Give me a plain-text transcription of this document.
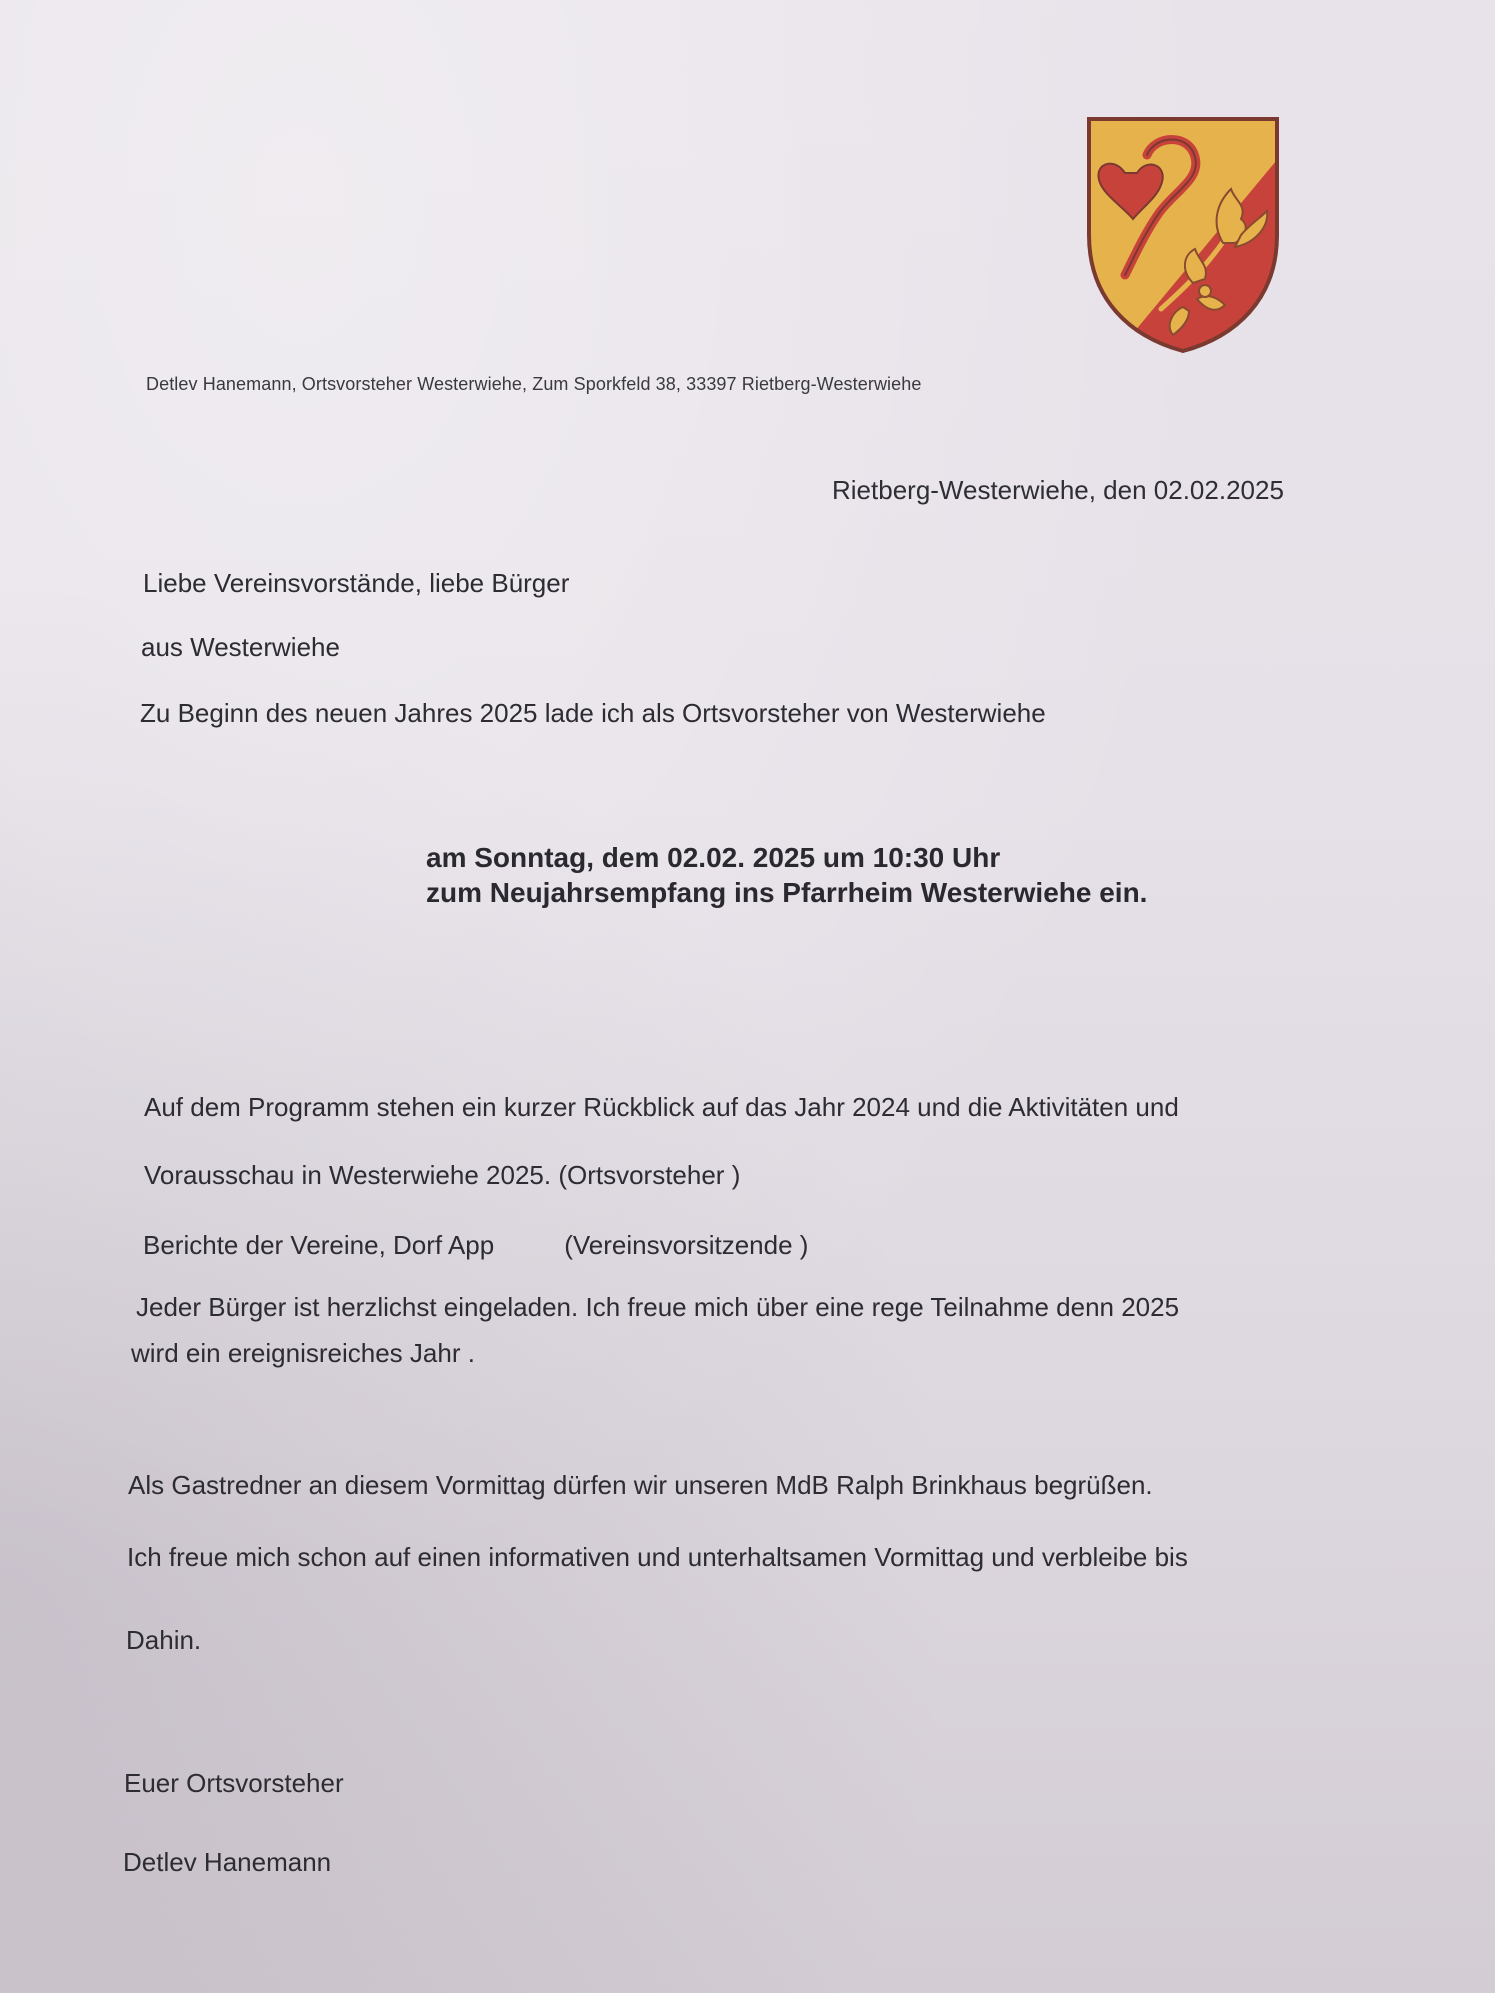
Detlev Hanemann, Ortsvorsteher Westerwiehe, Zum Sporkfeld 38, 33397 Rietberg-Westerwiehe
Rietberg-Westerwiehe, den 02.02.2025
Liebe Vereinsvorstände, liebe Bürger
aus Westerwiehe
Zu Beginn des neuen Jahres 2025 lade ich als Ortsvorsteher von Westerwiehe
am Sonntag, dem 02.02. 2025 um 10:30 Uhr
zum Neujahrsempfang ins Pfarrheim Westerwiehe ein.
Auf dem Programm stehen ein kurzer Rückblick auf das Jahr 2024 und die Aktivitäten und
Vorausschau in Westerwiehe 2025. (Ortsvorsteher )
Berichte der Vereine, Dorf App	(Vereinsvorsitzende )
Jeder Bürger ist herzlichst eingeladen. Ich freue mich über eine rege Teilnahme denn 2025
wird ein ereignisreiches Jahr .
Als Gastredner an diesem Vormittag dürfen wir unseren MdB Ralph Brinkhaus begrüßen.
Ich freue mich schon auf einen informativen und unterhaltsamen Vormittag und verbleibe bis
Dahin.
Euer Ortsvorsteher
Detlev Hanemann
